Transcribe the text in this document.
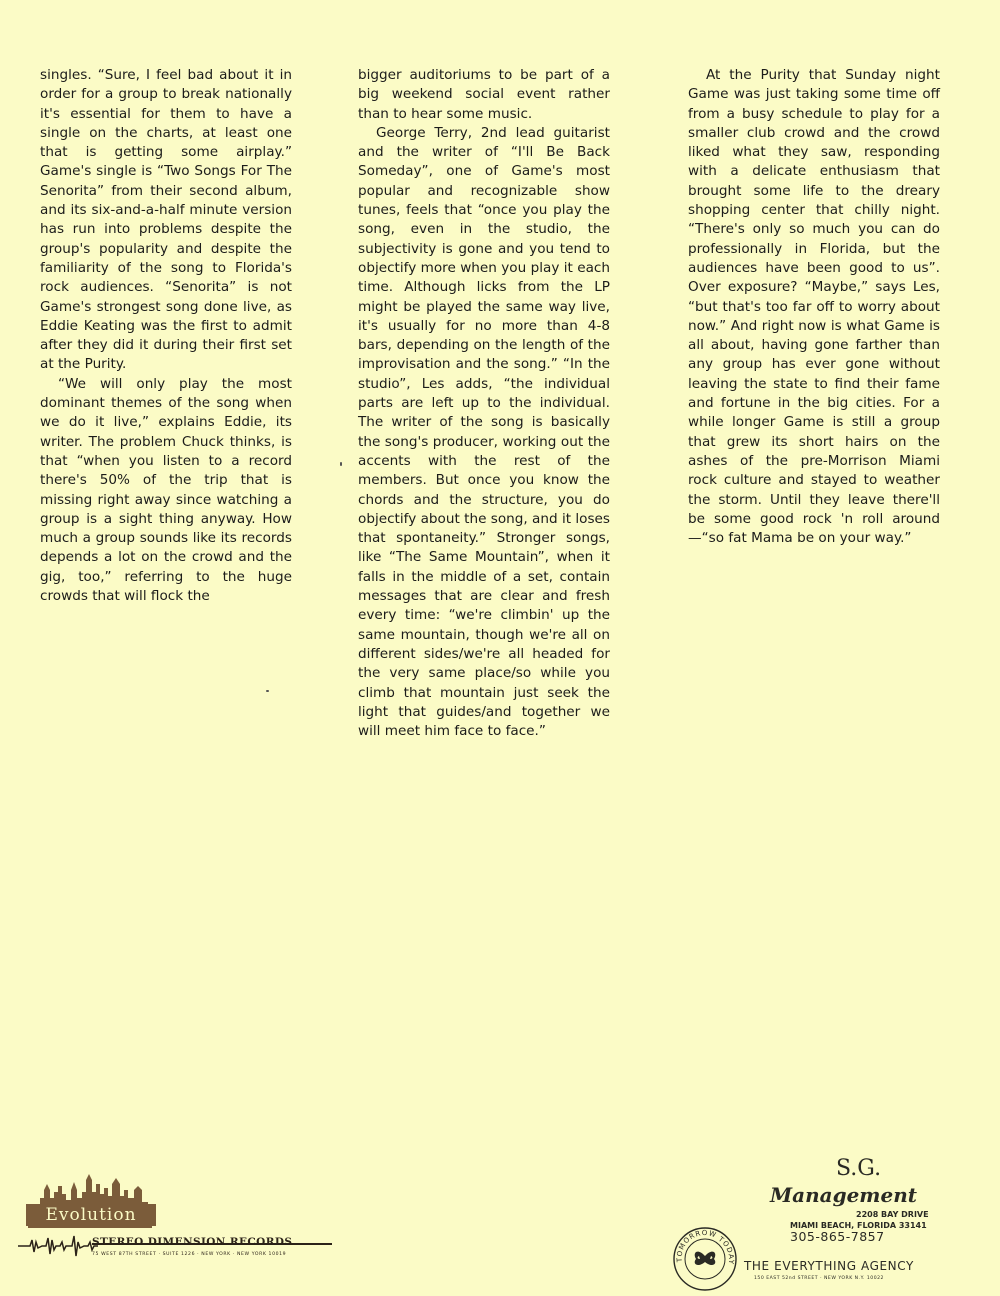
singles. “Sure, I feel bad about it in order for a group to break nationally it's essential for them to have a single on the charts, at least one that is getting some airplay.” Game's single is “Two Songs For The Senorita” from their second album, and its six-and-a-half minute version has run into problems despite the group's popularity and despite the familiarity of the song to Florida's rock audiences. “Senorita” is not Game's strongest song done live, as Eddie Keating was the first to admit after they did it during their first set at the Purity.

“We will only play the most dominant themes of the song when we do it live,” explains Eddie, its writer. The problem Chuck thinks, is that “when you listen to a record there's 50% of the trip that is missing right away since watching a group is a sight thing anyway. How much a group sounds like its records depends a lot on the crowd and the gig, too,” referring to the huge crowds that will flock the

bigger auditoriums to be part of a big weekend social event rather than to hear some music.

George Terry, 2nd lead guitarist and the writer of “I'll Be Back Someday”, one of Game's most popular and recognizable show tunes, feels that “once you play the song, even in the studio, the subjectivity is gone and you tend to objectify more when you play it each time. Although licks from the LP might be played the same way live, it's usually for no more than 4-8 bars, depending on the length of the improvisation and the song.” “In the studio”, Les adds, “the individual parts are left up to the individual. The writer of the song is basically the song's producer, working out the accents with the rest of the members. But once you know the chords and the structure, you do objectify about the song, and it loses that spontaneity.” Stronger songs, like “The Same Mountain”, when it falls in the middle of a set, contain messages that are clear and fresh every time: “we're climbin' up the same mountain, though we're all on different sides/we're all headed for the very same place/so while you climb that mountain just seek the light that guides/and together we will meet him face to face.”

At the Purity that Sunday night Game was just taking some time off from a busy schedule to play for a smaller club crowd and the crowd liked what they saw, responding with a delicate enthusiasm that brought some life to the dreary shopping center that chilly night. “There's only so much you can do professionally in Florida, but the audiences have been good to us”. Over exposure? “Maybe,” says Les, “but that's too far off to worry about now.” And right now is what Game is all about, having gone farther than any group has ever gone without leaving the state to find their fame and fortune in the big cities. For a while longer Game is still a group that grew its short hairs on the ashes of the pre-Morrison Miami rock culture and stayed to weather the storm. Until they leave there'll be some good rock 'n roll around—“so fat Mama be on your way.”

Evolution
STEREO DIMENSION RECORDS
75 WEST 87TH STREET · SUITE 1226 · NEW YORK · NEW YORK 10019
S.G.
Management
2208 BAY DRIVE
MIAMI BEACH, FLORIDA 33141
305-865-7857
TOMORROW
TODAY THE EVERYTHING AGENCY
150 EAST 52nd STREET · NEW YORK N.Y. 10022
